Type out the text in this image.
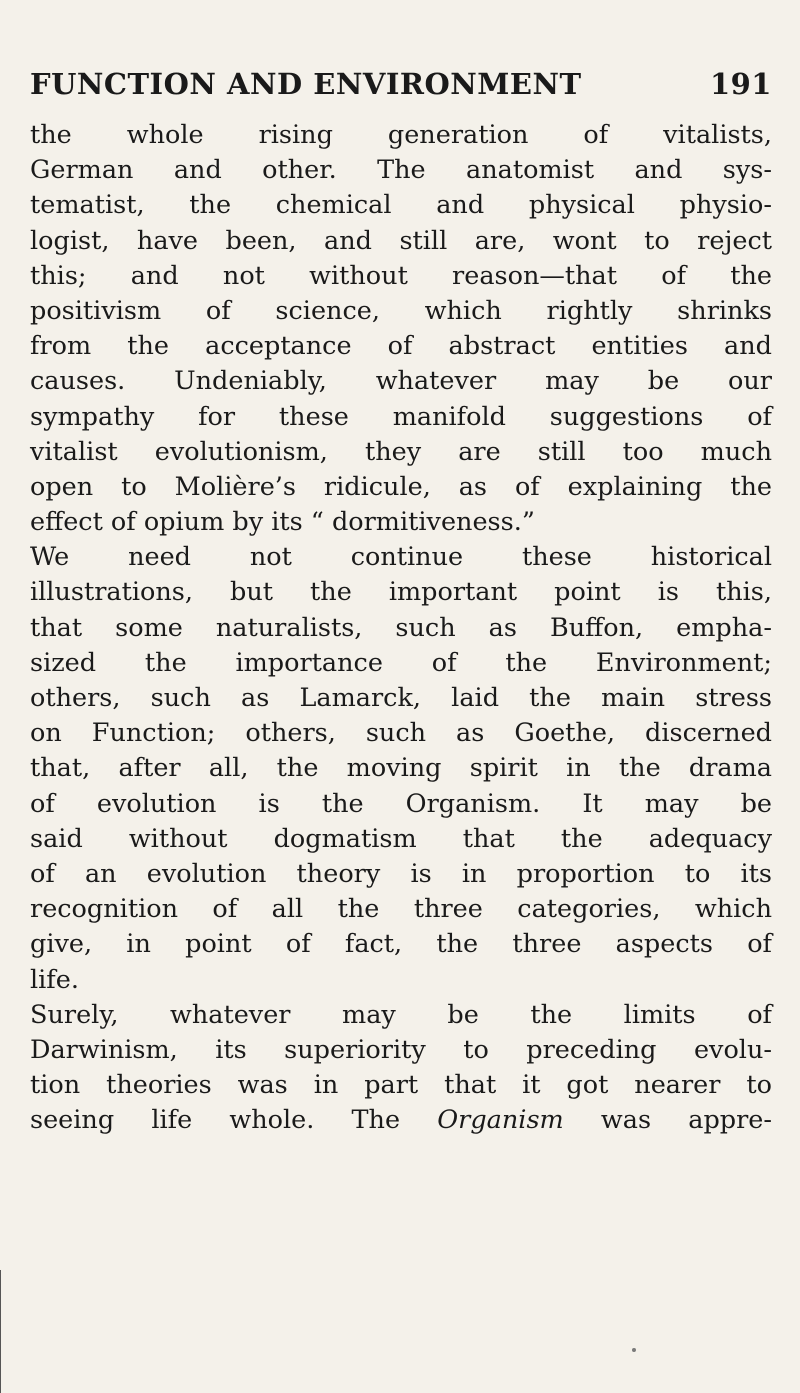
FUNCTION AND ENVIRONMENT	191
the whole rising generation of vitalists,
German and other. The anatomist and sys-
tematist, the chemical and physical physio-
logist, have been, and still are, wont to reject
this; and not without reason—that of the
positivism of science, which rightly shrinks
from the acceptance of abstract entities and
causes. Undeniably, whatever may be our
sympathy for these manifold suggestions of
vitalist evolutionism, they are still too much
open to Molière’s ridicule, as of explaining the
effect of opium by its “ dormitiveness.”
We need not continue these historical
illustrations, but the important point is this,
that some naturalists, such as Buffon, empha-
sized the importance of the Environment;
others, such as Lamarck, laid the main stress
on Function; others, such as Goethe, discerned
that, after all, the moving spirit in the drama
of evolution is the Organism. It may be
said without dogmatism that the adequacy
of an evolution theory is in proportion to its
recognition of all the three categories, which
give, in point of fact, the three aspects of
life.
Surely, whatever may be the limits of
Darwinism, its superiority to preceding evolu-
tion theories was in part that it got nearer to
seeing life whole. The Organism was appre-
